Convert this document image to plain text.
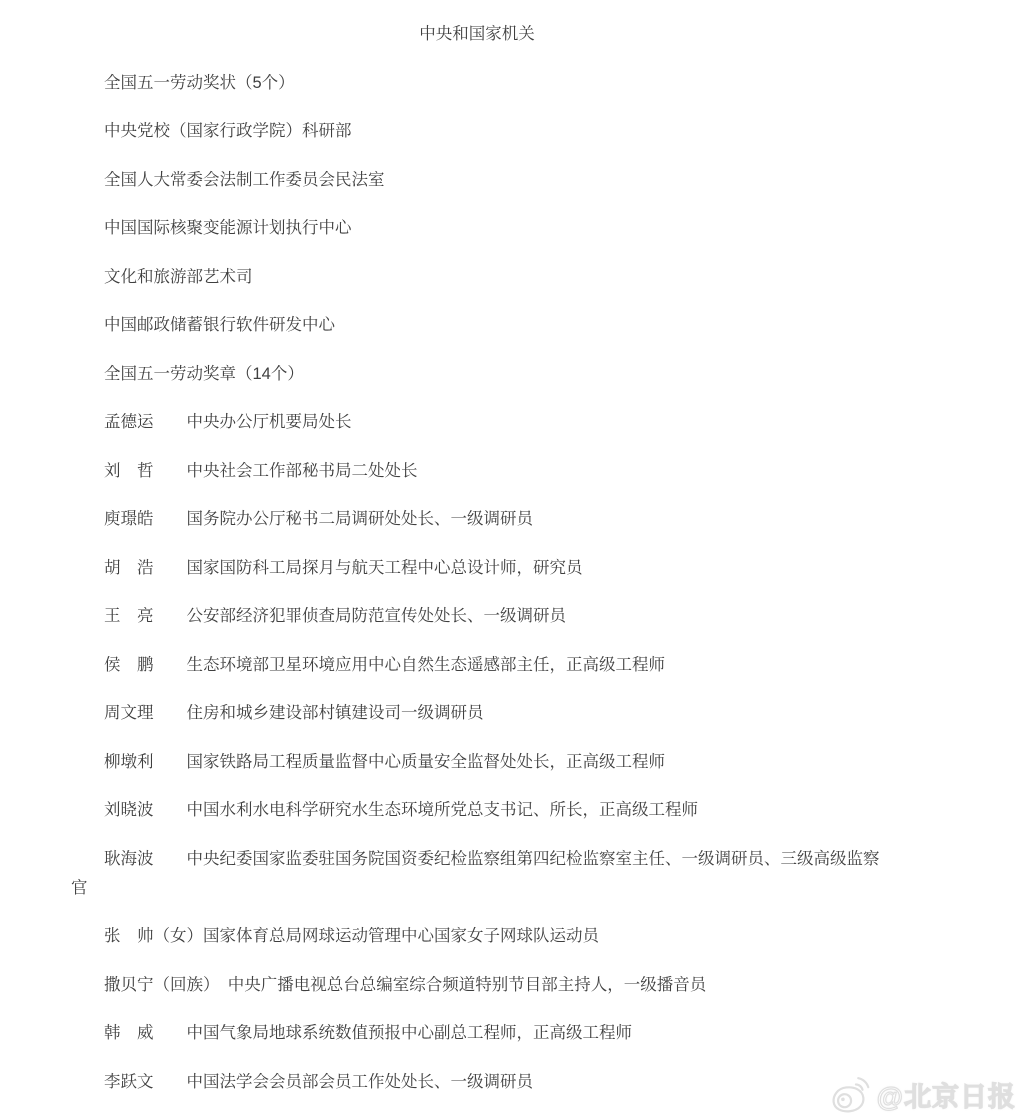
中央和国家机关
全国五一劳动奖状（5个）

中央党校（国家行政学院）科研部

全国人大常委会法制工作委员会民法室

中国国际核聚变能源计划执行中心

文化和旅游部艺术司

中国邮政储蓄银行软件研发中心

全国五一劳动奖章（14个）

孟德运　　 中央办公厅机要局处长

刘　哲　　 中央社会工作部秘书局二处处长

庾璟皓　　 国务院办公厅秘书二局调研处处长、一级调研员

胡　浩　　 国家国防科工局探月与航天工程中心总设计师，研究员

王　亮　　 公安部经济犯罪侦查局防范宣传处处长、一级调研员

侯　鹏　　 生态环境部卫星环境应用中心自然生态遥感部主任，正高级工程师

周文理　　 住房和城乡建设部村镇建设司一级调研员

柳墩利　　 国家铁路局工程质量监督中心质量安全监督处处长，正高级工程师

刘晓波　　 中国水利水电科学研究水生态环境所党总支书记、所长，正高级工程师

耿海波　　 中央纪委国家监委驻国务院国资委纪检监察组第四纪检监察室主任、一级调研员、三级高级监察官

张　帅（女）国家体育总局网球运动管理中心国家女子网球队运动员

撒贝宁（回族）　 中央广播电视总台总编室综合频道特别节目部主持人，一级播音员

韩　威　　 中国气象局地球系统数值预报中心副总工程师，正高级工程师

李跃文　　 中国法学会会员部会员工作处处长、一级调研员

@北京日报
